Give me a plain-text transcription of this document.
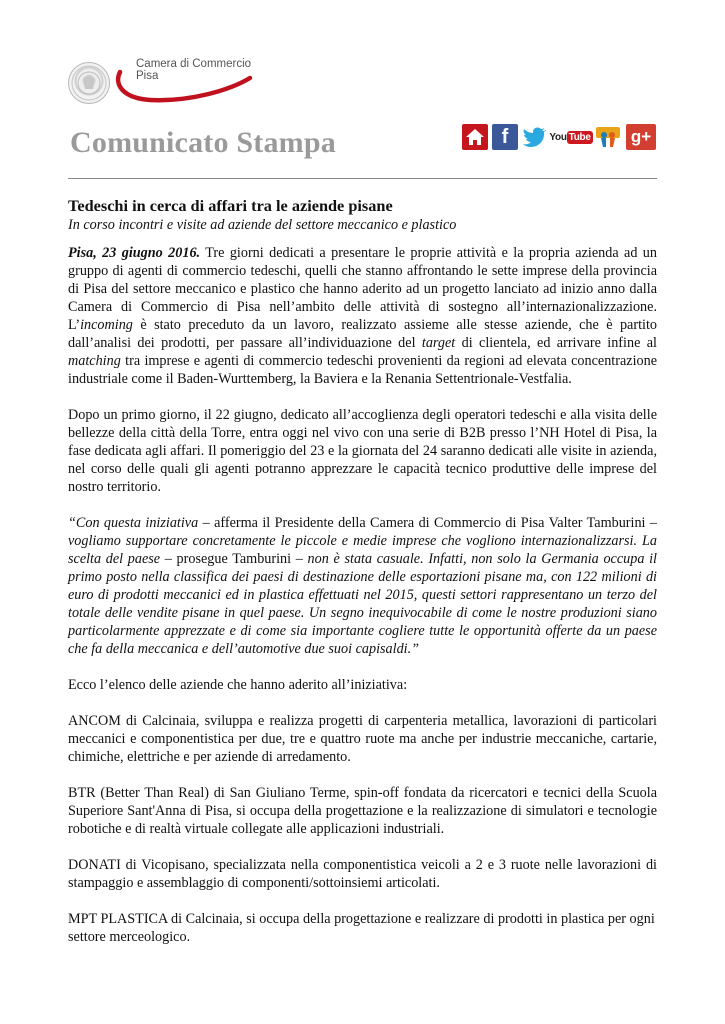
Camera di Commercio
Pisa
Comunicato Stampa	f	You Tube g+

Tedeschi in cerca di affari tra le aziende pisane

In corso incontri e visite ad aziende del settore meccanico e plastico

Pisa, 23 giugno 2016. Tre giorni dedicati a presentare le proprie attività e la propria azienda ad un gruppo di agenti di commercio tedeschi, quelli che stanno affrontando le sette imprese della provincia di Pisa del settore meccanico e plastico che hanno aderito ad un progetto lanciato ad inizio anno dalla Camera di Commercio di Pisa nell’ambito delle attività di sostegno all’internazionalizzazione. L’incoming è stato preceduto da un lavoro, realizzato assieme alle stesse aziende, che è partito dall’analisi dei prodotti, per passare all’individuazione del target di clientela, ed arrivare infine al matching tra imprese e agenti di commercio tedeschi provenienti da regioni ad elevata concentrazione industriale come il Baden-Wurttemberg, la Baviera e la Renania Settentrionale-Vestfalia.

Dopo un primo giorno, il 22 giugno, dedicato all’accoglienza degli operatori tedeschi e alla visita delle bellezze della città della Torre, entra oggi nel vivo con una serie di B2B presso l’NH Hotel di Pisa, la fase dedicata agli affari. Il pomeriggio del 23 e la giornata del 24 saranno dedicati alle visite in azienda, nel corso delle quali gli agenti potranno apprezzare le capacità tecnico produttive delle imprese del nostro territorio.

“Con questa iniziativa – afferma il Presidente della Camera di Commercio di Pisa Valter Tamburini – vogliamo supportare concretamente le piccole e medie imprese che vogliono internazionalizzarsi. La scelta del paese – prosegue Tamburini – non è stata casuale. Infatti, non solo la Germania occupa il primo posto nella classifica dei paesi di destinazione delle esportazioni pisane ma, con 122 milioni di euro di prodotti meccanici ed in plastica effettuati nel 2015, questi settori rappresentano un terzo del totale delle vendite pisane in quel paese. Un segno inequivocabile di come le nostre produzioni siano particolarmente apprezzate e di come sia importante cogliere tutte le opportunità offerte da un paese che fa della meccanica e dell’automotive due suoi capisaldi.”

Ecco l’elenco delle aziende che hanno aderito all’iniziativa:

ANCOM di Calcinaia, sviluppa e realizza progetti di carpenteria metallica, lavorazioni di particolari meccanici e componentistica per due, tre e quattro ruote ma anche per industrie meccaniche, cartarie, chimiche, elettriche e per aziende di arredamento.

BTR (Better Than Real) di San Giuliano Terme, spin-off fondata da ricercatori e tecnici della Scuola Superiore Sant'Anna di Pisa, si occupa della progettazione e la realizzazione di simulatori e tecnologie robotiche e di realtà virtuale collegate alle applicazioni industriali.

DONATI di Vicopisano, specializzata nella componentistica veicoli a 2 e 3 ruote nelle lavorazioni di stampaggio e assemblaggio di componenti/sottoinsiemi articolati.

MPT PLASTICA di Calcinaia, si occupa della progettazione e realizzare di prodotti in plastica per ogni settore merceologico.
